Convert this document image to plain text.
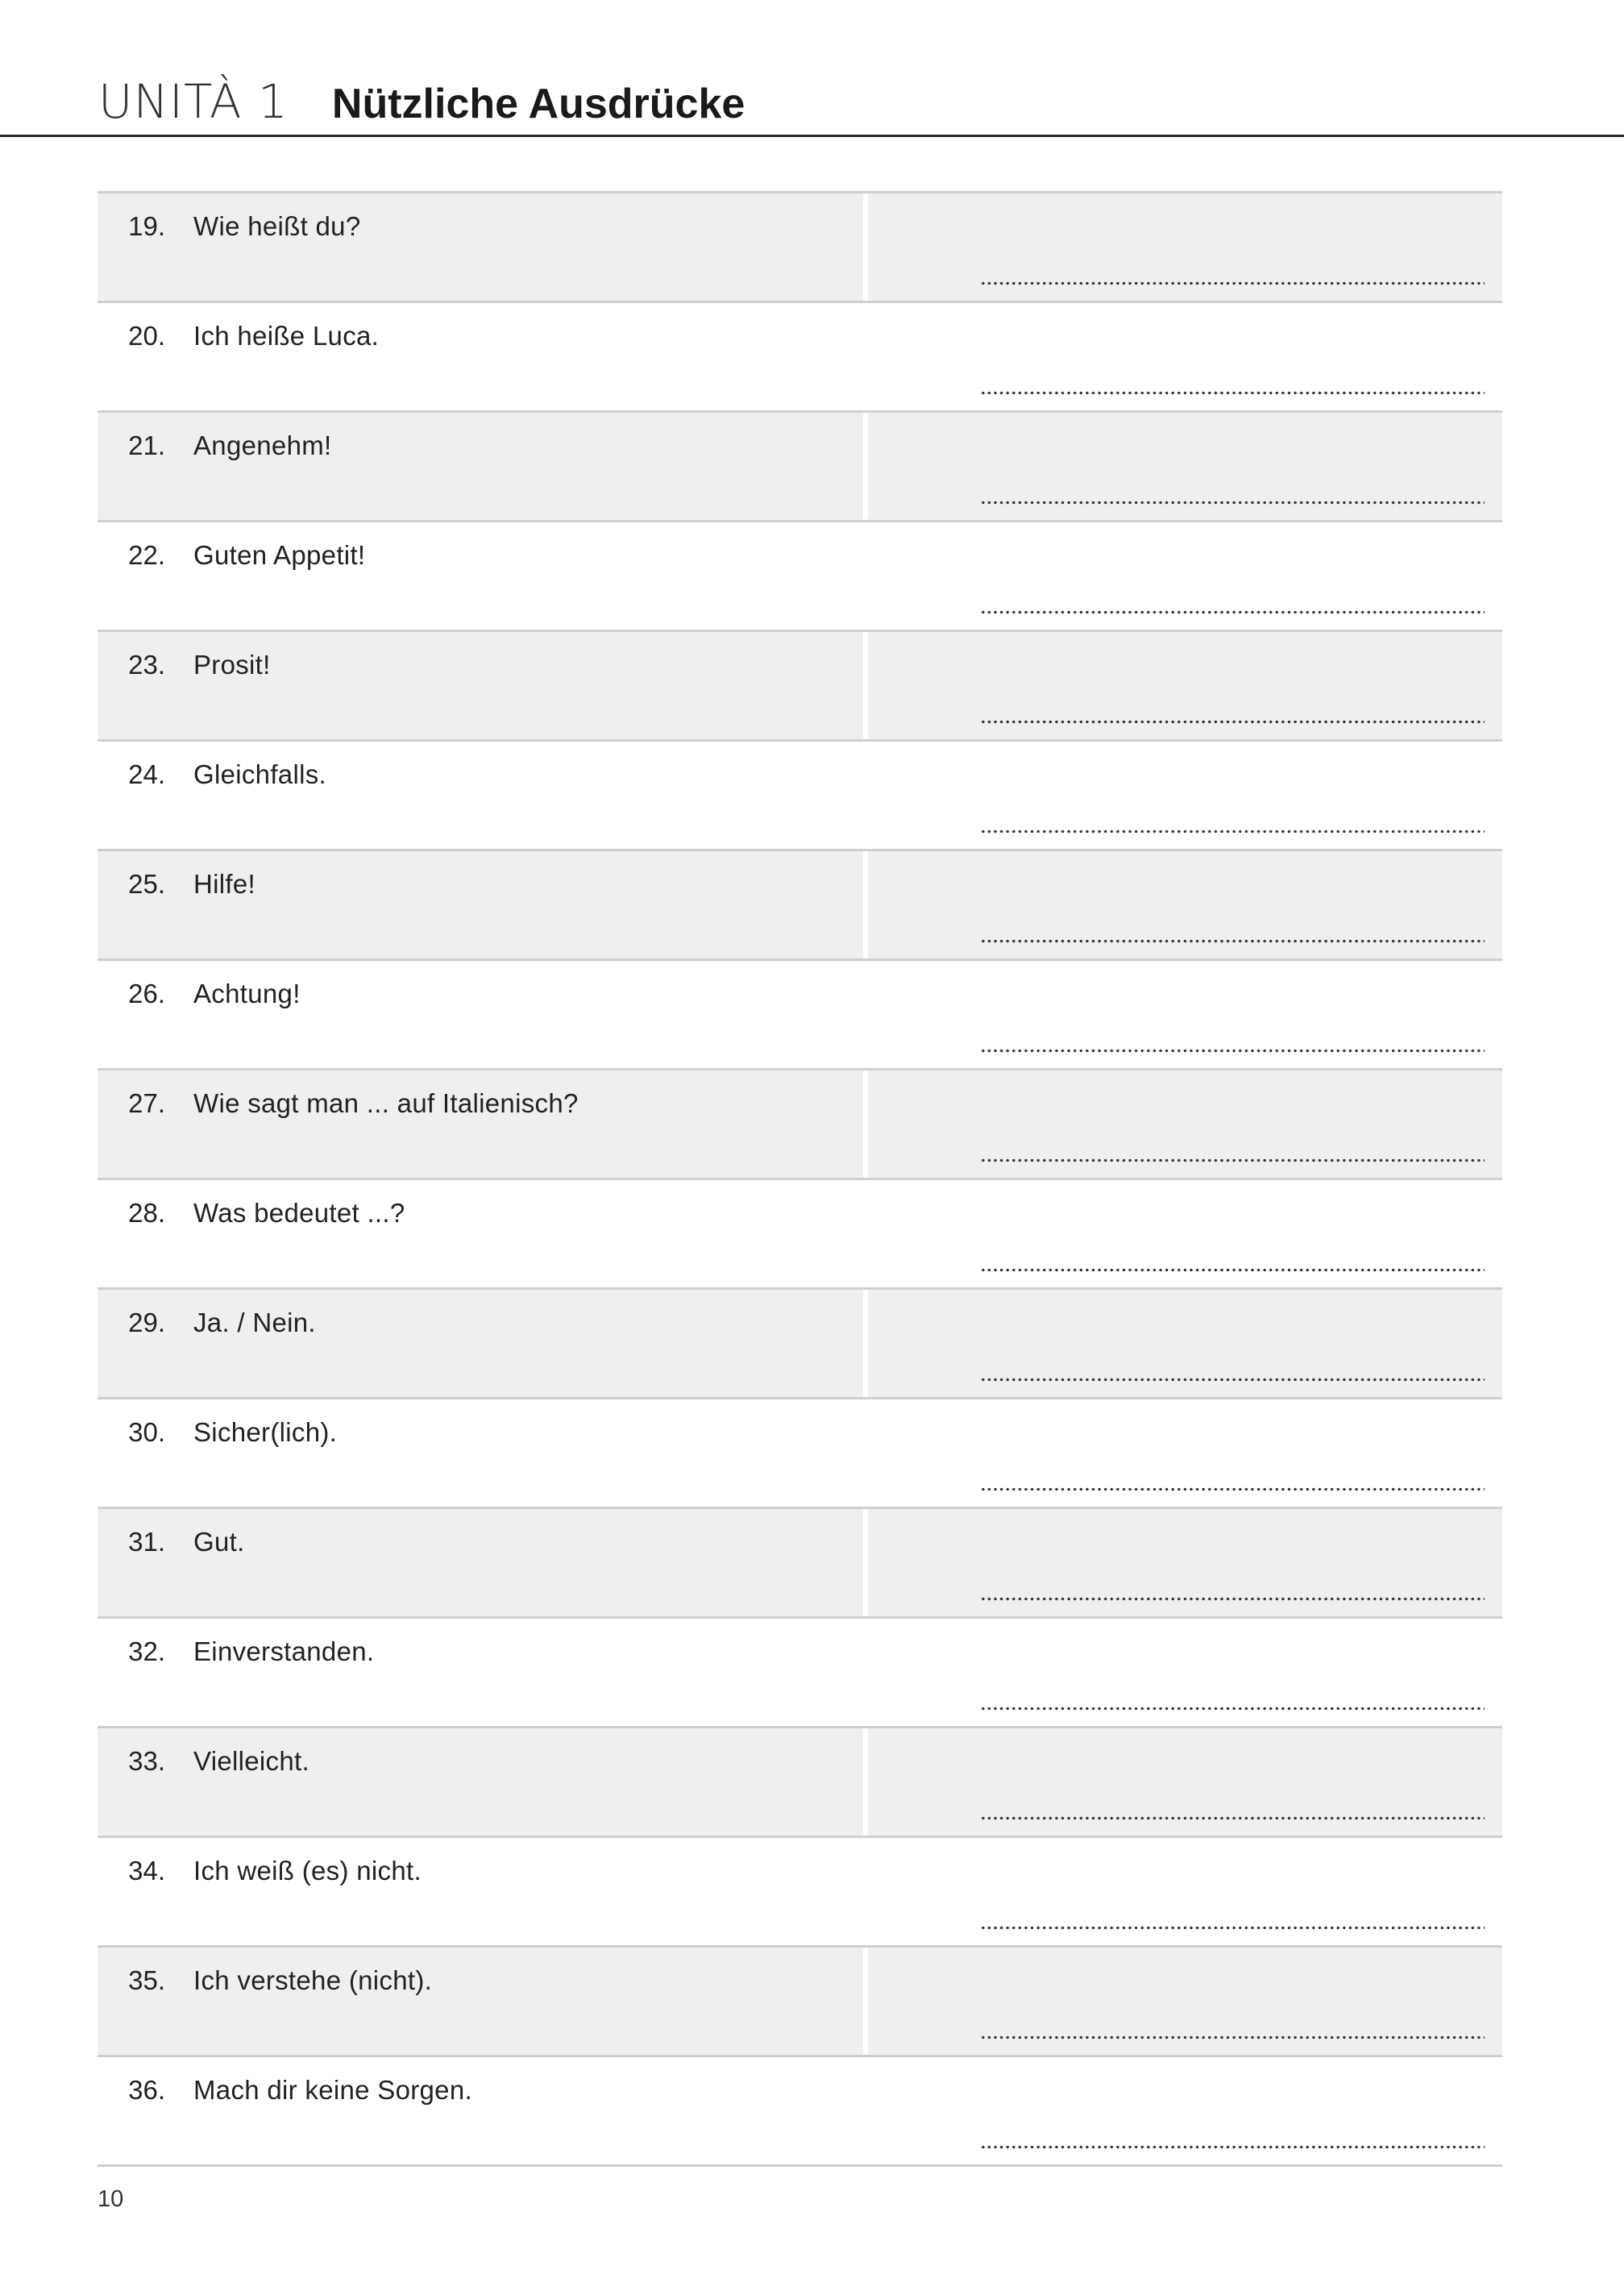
UNITÀ 1 Nützliche Ausdrücke
19. Wie heißt du?
20. Ich heiße Luca.
21. Angenehm!
22. Guten Appetit!
23. Prosit!
24. Gleichfalls.
25. Hilfe!
26. Achtung!
27. Wie sagt man ... auf Italienisch?
28. Was bedeutet ...?
29. Ja. / Nein.
30. Sicher(lich).
31. Gut.
32. Einverstanden.
33. Vielleicht.
34. Ich weiß (es) nicht.
35. Ich verstehe (nicht).
36. Mach dir keine Sorgen.
10
